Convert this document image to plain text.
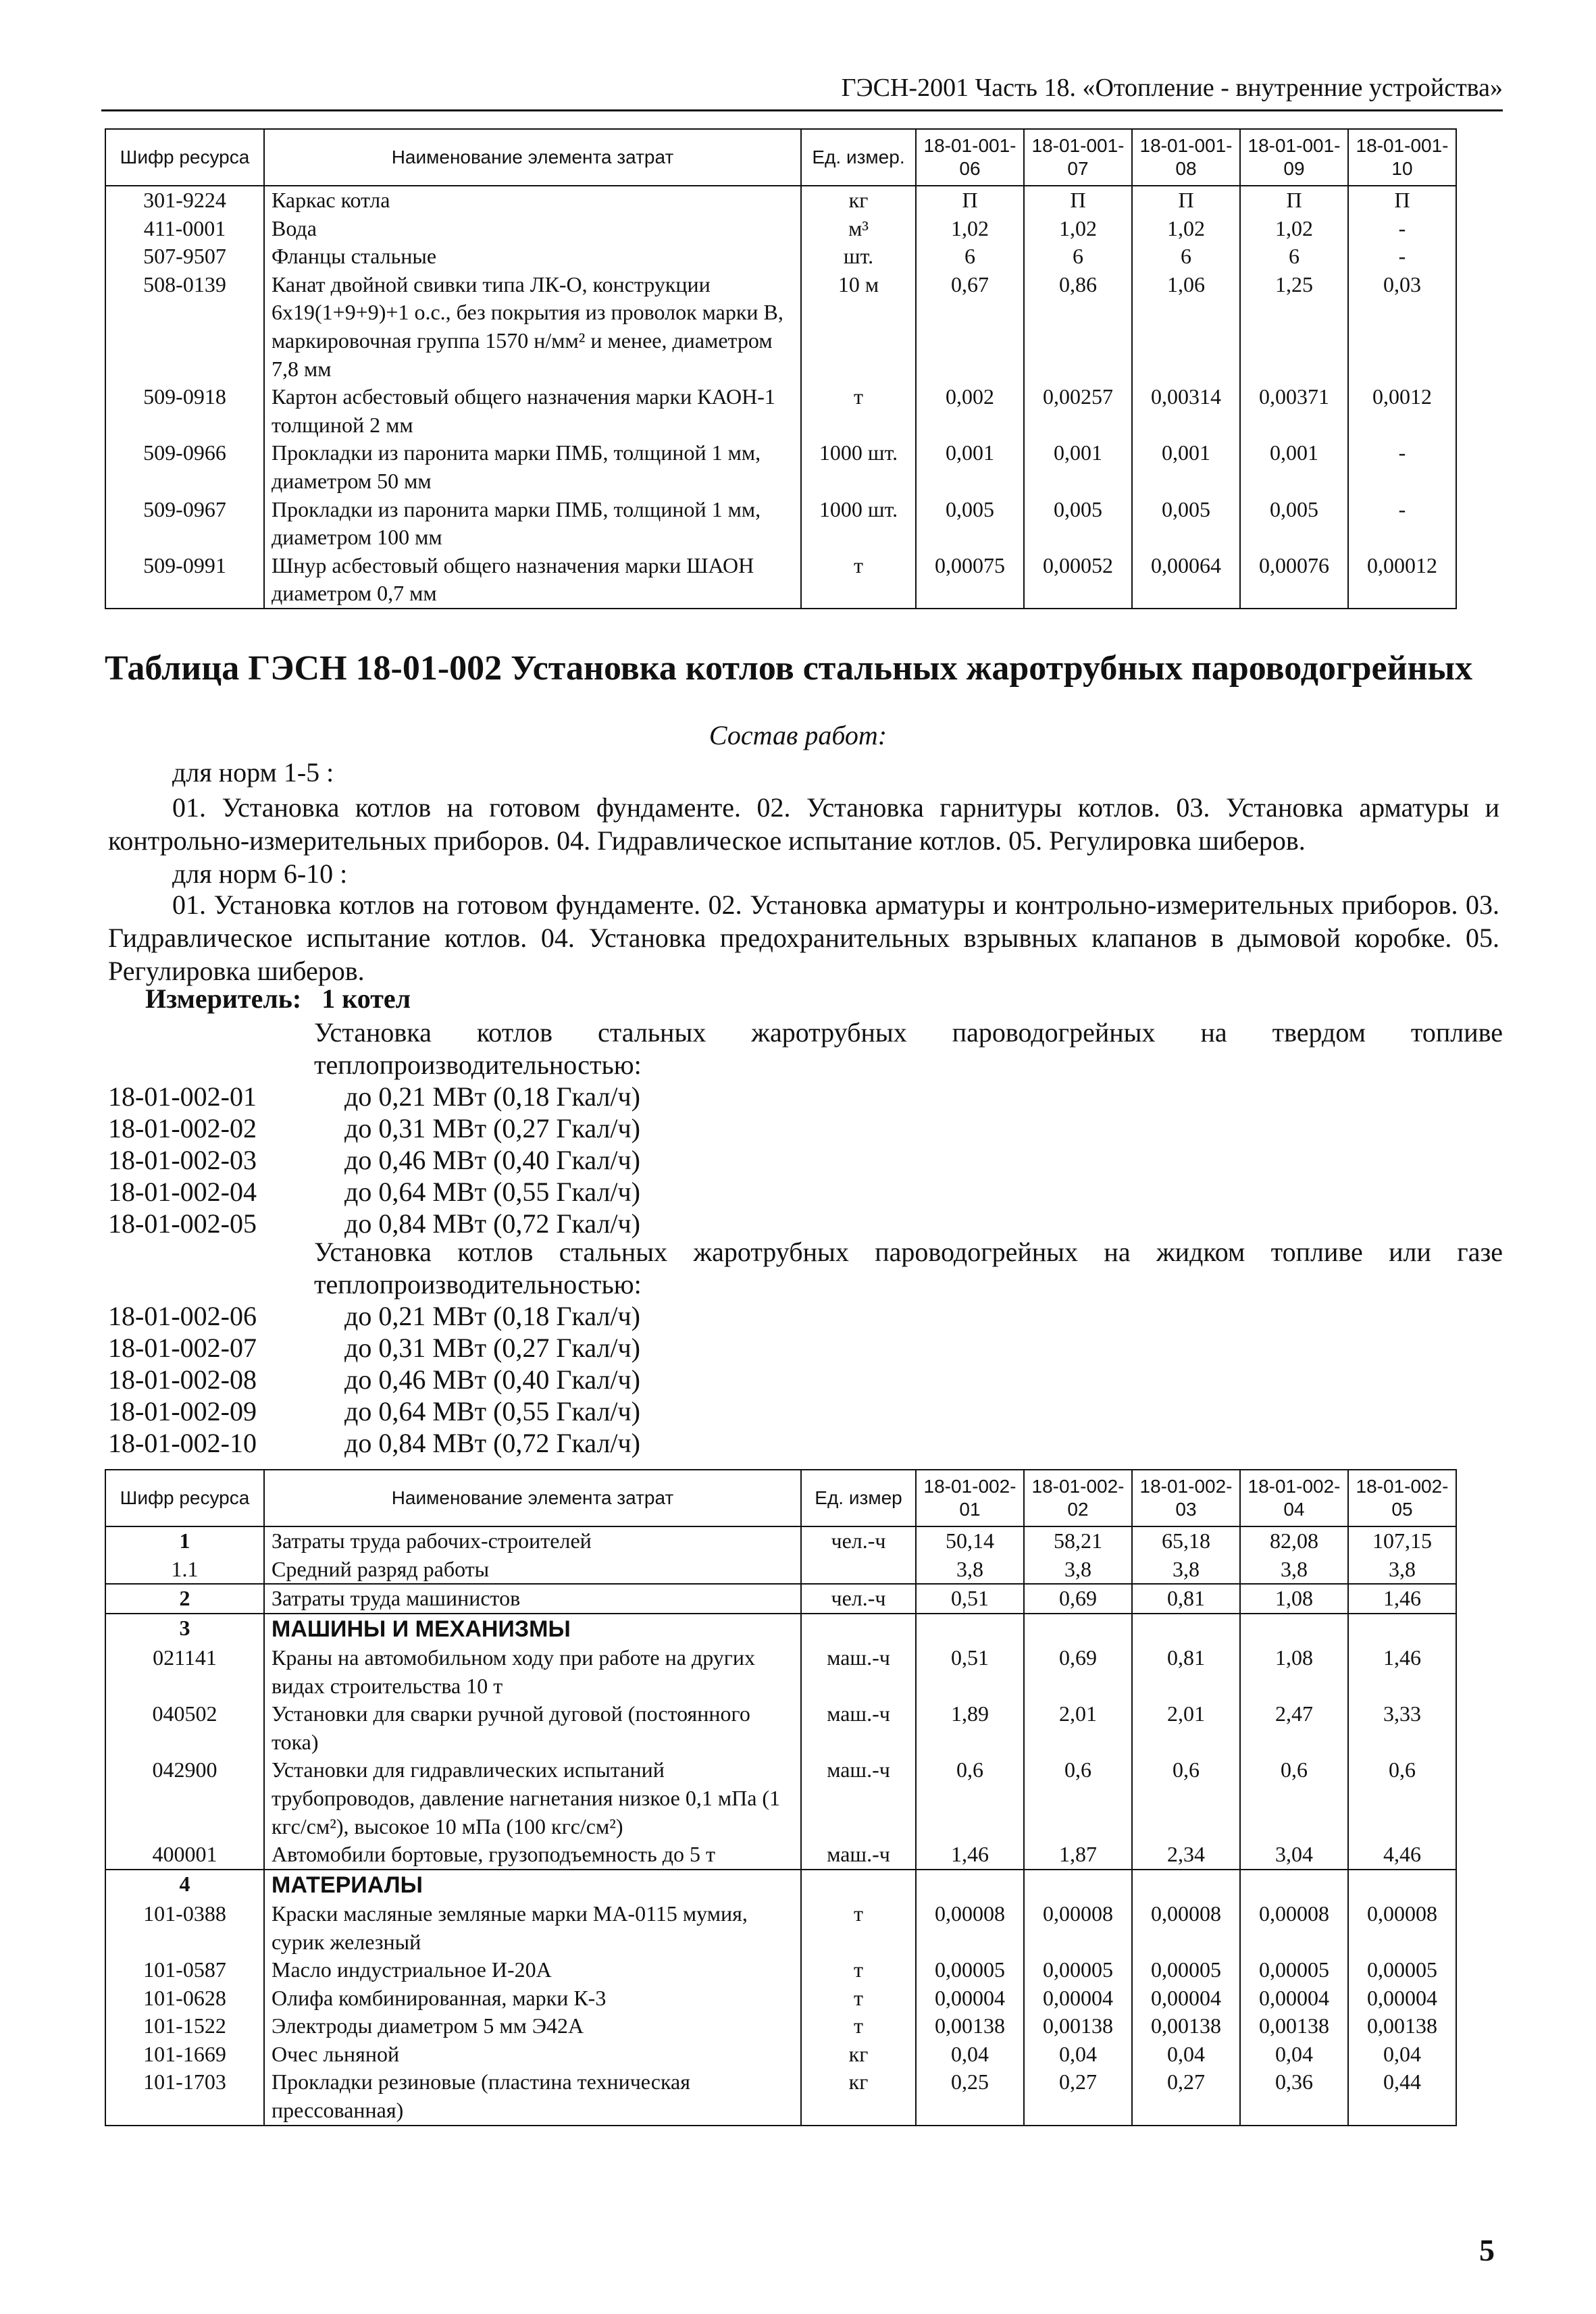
ГЭСН-2001 Часть 18. «Отопление - внутренние устройства»
Шифр ресурса	Наименование элемента затрат	Ед. измер.	18-01-001-06	18-01-001-07	18-01-001-08	18-01-001-09	18-01-001-10
301-9224	Каркас котла	кг	П	П	П	П	П
411-0001	Вода	м³	1,02	1,02	1,02	1,02	-
507-9507	Фланцы стальные	шт.	6	6	6	6	-
508-0139	Канат двойной свивки типа ЛК-О, конструкции 6х19(1+9+9)+1 о.с., без покрытия из проволок марки В, маркировочная группа 1570 н/мм² и менее, диаметром 7,8 мм	10 м	0,67	0,86	1,06	1,25	0,03
509-0918	Картон асбестовый общего назначения марки КАОН-1 толщиной 2 мм	т	0,002	0,00257	0,00314	0,00371	0,0012
509-0966	Прокладки из паронита марки ПМБ, толщиной 1 мм, диаметром 50 мм	1000 шт.	0,001	0,001	0,001	0,001	-
509-0967	Прокладки из паронита марки ПМБ, толщиной 1 мм, диаметром 100 мм	1000 шт.	0,005	0,005	0,005	0,005	-
509-0991	Шнур асбестовый общего назначения марки ШАОН диаметром 0,7 мм	т	0,00075	0,00052	0,00064	0,00076	0,00012
Таблица ГЭСН 18-01-002 Установка котлов стальных жаротрубных пароводогрейных
Состав работ:
для норм 1-5 :

01. Установка котлов на готовом фундаменте. 02. Установка гарнитуры котлов. 03. Установка арматуры и контрольно-измерительных приборов. 04. Гидравлическое испытание котлов. 05. Регулировка шиберов.

для норм 6-10 :

01. Установка котлов на готовом фундаменте. 02. Установка арматуры и контрольно-измерительных приборов. 03. Гидравлическое испытание котлов. 04. Установка предохранительных взрывных клапанов в дымовой коробке. 05. Регулировка шиберов.

Измеритель: 1 котел

Установка котлов стальных жаротрубных пароводогрейных на твердом топливе теплопроизводительностью:

18-01-002-01	до 0,21 МВт (0,18 Гкал/ч)
18-01-002-02	до 0,31 МВт (0,27 Гкал/ч)
18-01-002-03	до 0,46 МВт (0,40 Гкал/ч)
18-01-002-04	до 0,64 МВт (0,55 Гкал/ч)
18-01-002-05	до 0,84 МВт (0,72 Гкал/ч)

Установка котлов стальных жаротрубных пароводогрейных на жидком топливе или газе теплопроизводительностью:

18-01-002-06	до 0,21 МВт (0,18 Гкал/ч)
18-01-002-07	до 0,31 МВт (0,27 Гкал/ч)
18-01-002-08	до 0,46 МВт (0,40 Гкал/ч)
18-01-002-09	до 0,64 МВт (0,55 Гкал/ч)
18-01-002-10	до 0,84 МВт (0,72 Гкал/ч)
Шифр ресурса	Наименование элемента затрат	Ед. измер	18-01-002-01	18-01-002-02	18-01-002-03	18-01-002-04	18-01-002-05
1	Затраты труда рабочих-строителей	чел.-ч	50,14	58,21	65,18	82,08	107,15
1.1	Средний разряд работы		3,8	3,8	3,8	3,8	3,8
2	Затраты труда машинистов	чел.-ч	0,51	0,69	0,81	1,08	1,46
3	МАШИНЫ И МЕХАНИЗМЫ						
021141	Краны на автомобильном ходу при работе на других видах строительства 10 т	маш.-ч	0,51	0,69	0,81	1,08	1,46
040502	Установки для сварки ручной дуговой (постоянного тока)	маш.-ч	1,89	2,01	2,01	2,47	3,33
042900	Установки для гидравлических испытаний трубопроводов, давление нагнетания низкое 0,1 мПа (1 кгс/см²), высокое 10 мПа (100 кгс/см²)	маш.-ч	0,6	0,6	0,6	0,6	0,6
400001	Автомобили бортовые, грузоподъемность до 5 т	маш.-ч	1,46	1,87	2,34	3,04	4,46
4	МАТЕРИАЛЫ						
101-0388	Краски масляные земляные марки МА-0115 мумия, сурик железный	т	0,00008	0,00008	0,00008	0,00008	0,00008
101-0587	Масло индустриальное И-20А	т	0,00005	0,00005	0,00005	0,00005	0,00005
101-0628	Олифа комбинированная, марки К-3	т	0,00004	0,00004	0,00004	0,00004	0,00004
101-1522	Электроды диаметром 5 мм Э42А	т	0,00138	0,00138	0,00138	0,00138	0,00138
101-1669	Очес льняной	кг	0,04	0,04	0,04	0,04	0,04
101-1703	Прокладки резиновые (пластина техническая прессованная)	кг	0,25	0,27	0,27	0,36	0,44
5
